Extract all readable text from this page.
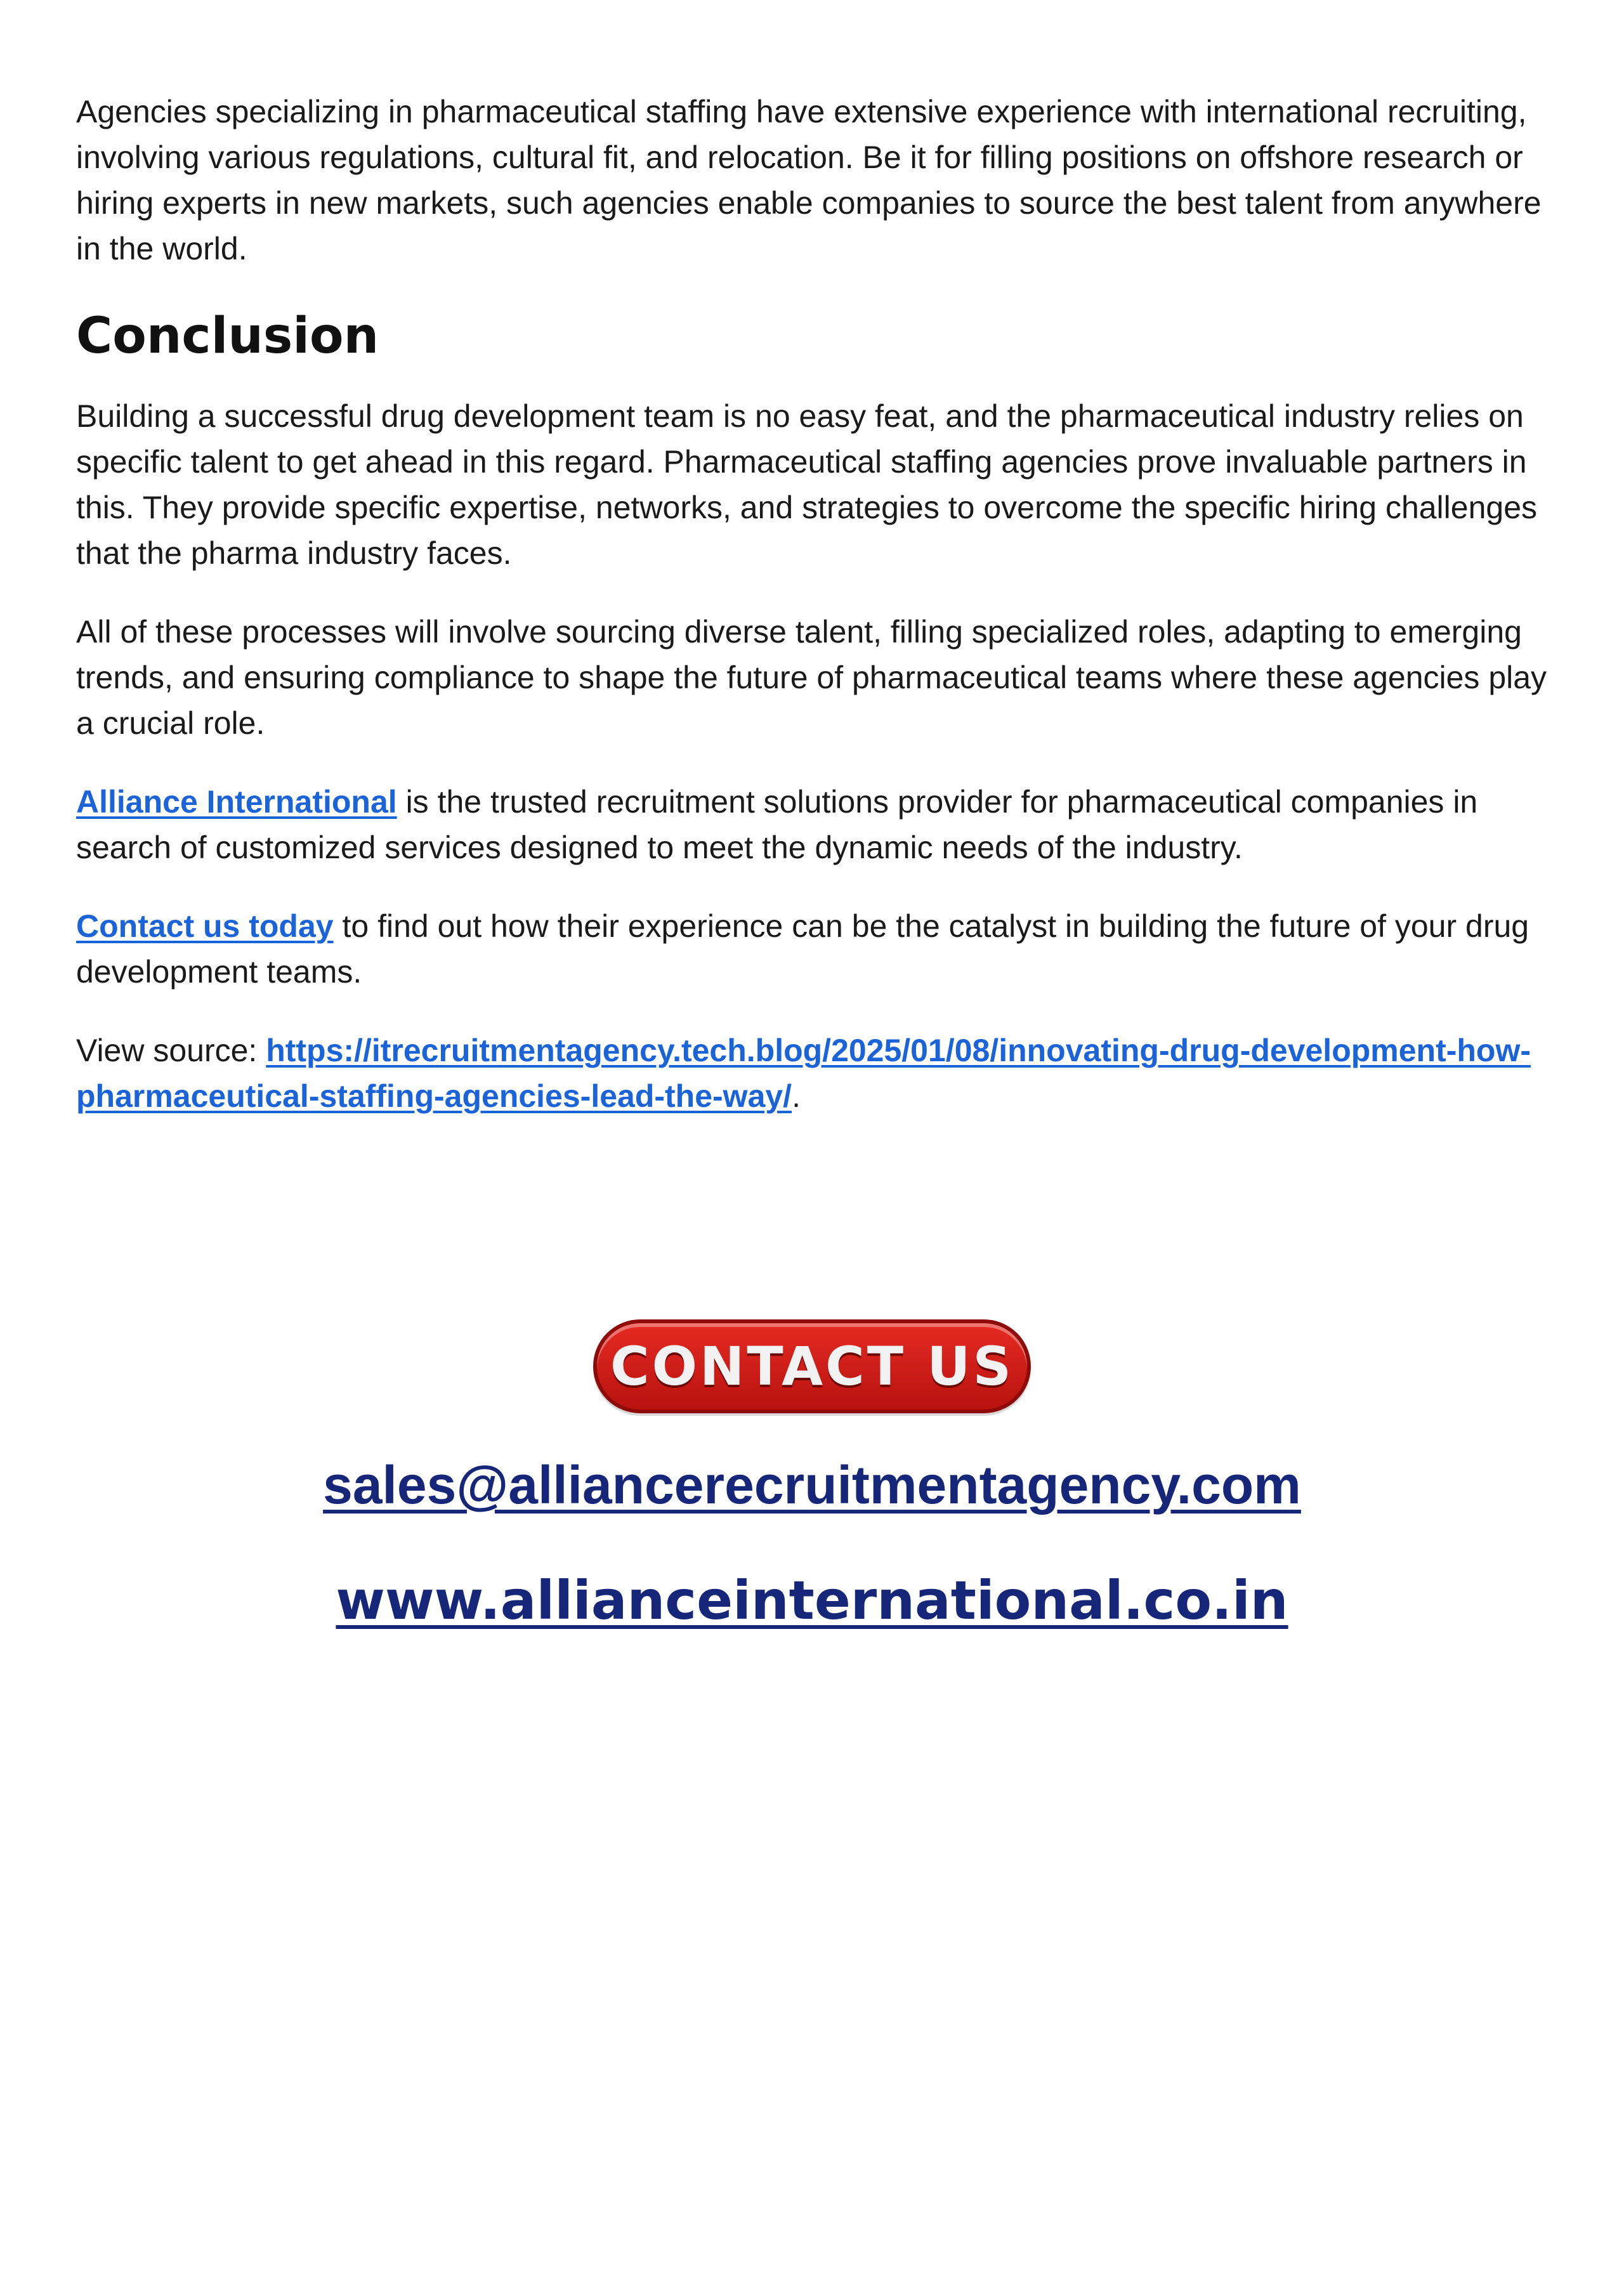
Agencies specializing in pharmaceutical staffing have extensive experience with international recruiting, involving various regulations, cultural fit, and relocation. Be it for filling positions on offshore research or hiring experts in new markets, such agencies enable companies to source the best talent from anywhere in the world.

Conclusion

Building a successful drug development team is no easy feat, and the pharmaceutical industry relies on specific talent to get ahead in this regard. Pharmaceutical staffing agencies prove invaluable partners in this. They provide specific expertise, networks, and strategies to overcome the specific hiring challenges that the pharma industry faces.

All of these processes will involve sourcing diverse talent, filling specialized roles, adapting to emerging trends, and ensuring compliance to shape the future of pharmaceutical teams where these agencies play a crucial role.

Alliance International is the trusted recruitment solutions provider for pharmaceutical companies in search of customized services designed to meet the dynamic needs of the industry.

Contact us today to find out how their experience can be the catalyst in building the future of your drug development teams.

View source: https://itrecruitmentagency.tech.blog/2025/01/08/innovating-drug-development-how-pharmaceutical-staffing-agencies-lead-the-way/.

CONTACT US
sales@alliancerecruitmentagency.com
www.allianceinternational.co.in
